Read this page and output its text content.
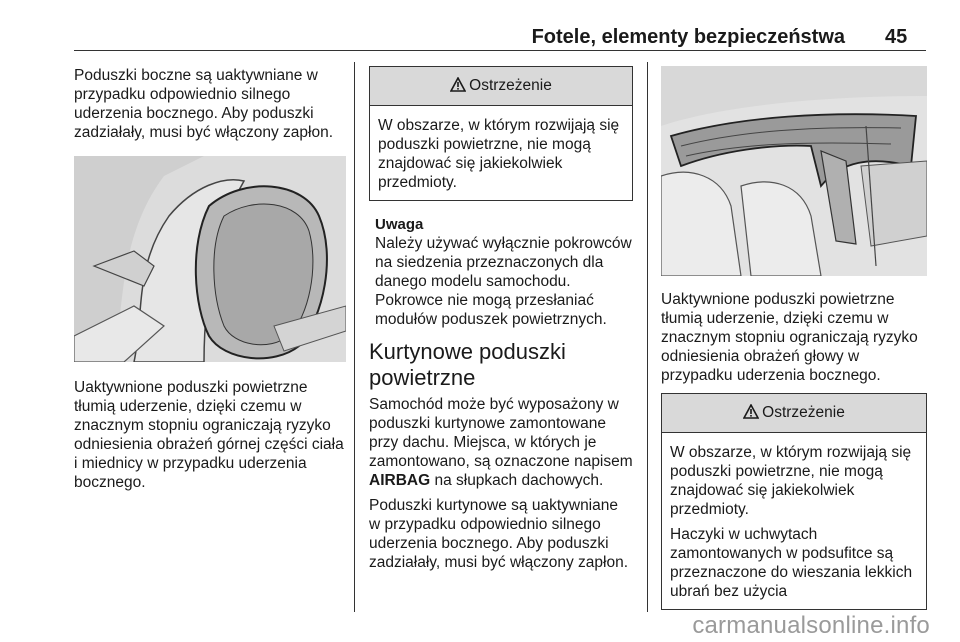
Fotele, elementy bezpieczeństwa 45

Poduszki boczne są uaktywniane w przypadku odpowiednio silnego uderzenia bocznego. Aby poduszki zadziałały, musi być włączony zapłon.

Uaktywnione poduszki powietrzne tłumią uderzenie, dzięki czemu w znacznym stopniu ograniczają ryzyko odniesienia obrażeń górnej części ciała i miednicy w przypadku uderzenia bocznego.

Ostrzeżenie

W obszarze, w którym rozwijają się poduszki powietrzne, nie mogą znajdować się jakiekolwiek przedmioty.

Uwaga

Należy używać wyłącznie pokrowców na siedzenia przeznaczonych dla danego modelu samochodu. Pokrowce nie mogą przesłaniać modułów poduszek powietrznych.

Kurtynowe poduszki powietrzne

Samochód może być wyposażony w poduszki kurtynowe zamontowane przy dachu. Miejsca, w których je zamontowano, są oznaczone napisem AIRBAG na słupkach dachowych.

Poduszki kurtynowe są uaktywniane w przypadku odpowiednio silnego uderzenia bocznego. Aby poduszki zadziałały, musi być włączony zapłon.

Uaktywnione poduszki powietrzne tłumią uderzenie, dzięki czemu w znacznym stopniu ograniczają ryzyko odniesienia obrażeń głowy w przypadku uderzenia bocznego.

Ostrzeżenie

W obszarze, w którym rozwijają się poduszki powietrzne, nie mogą znajdować się jakiekolwiek przedmioty.

Haczyki w uchwytach zamontowanych w podsufitce są przeznaczone do wieszania lekkich ubrań bez użycia

carmanualsonline.info
